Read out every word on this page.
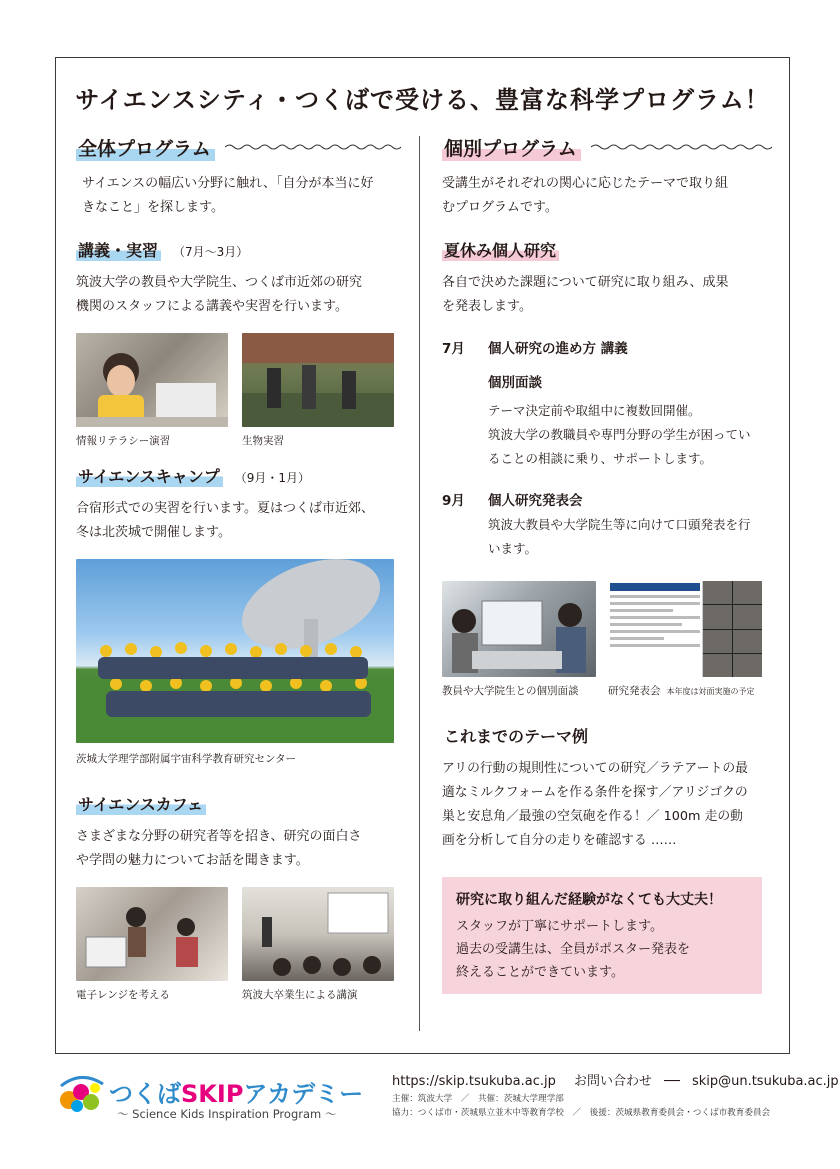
サイエンスシティ・つくばで受ける、豊富な科学プログラム！
全体プログラム
サイエンスの幅広い分野に触れ、「自分が本当に好
きなこと」を探します。
講義・実習 （7月〜3月）
筑波大学の教員や大学院生、つくば市近郊の研究
機関のスタッフによる講義や実習を行います。
情報リテラシー演習	生物実習
サイエンスキャンプ （9月・1月）
合宿形式での実習を行います。夏はつくば市近郊、
冬は北茨城で開催します。
茨城大学理学部附属宇宙科学教育研究センター
サイエンスカフェ
さまざまな分野の研究者等を招き、研究の面白さ
や学問の魅力についてお話を聞きます。
電子レンジを考える	筑波大卒業生による講演
個別プログラム
受講生がそれぞれの関心に応じたテーマで取り組
むプログラムです。
夏休み個人研究
各自で決めた課題について研究に取り組み、成果
を発表します。
7月	個人研究の進め方 講義
個別面談
テーマ決定前や取組中に複数回開催。
筑波大学の教職員や専門分野の学生が困ってい
ることの相談に乗り、サポートします。
9月	個人研究発表会
筑波大教員や大学院生等に向けて口頭発表を行
います。
教員や大学院生との個別面談	研究発表会 本年度は対面実施の予定
これまでのテーマ例
アリの行動の規則性についての研究／ラテアートの最
適なミルクフォームを作る条件を探す／アリジゴクの
巣と安息角／最強の空気砲を作る！／ 100m 走の動
画を分析して自分の走りを確認する ……
研究に取り組んだ経験がなくても大丈夫！
スタッフが丁寧にサポートします。
過去の受講生は、全員がポスター発表を
終えることができています。
つくばSKIPアカデミー
〜 Science Kids Inspiration Program 〜
https://skip.tsukuba.ac.jp お問い合わせ ── skip@un.tsukuba.ac.jp
主催：筑波大学　／　共催：茨城大学理学部
協力：つくば市・茨城県立並木中等教育学校　／　後援：茨城県教育委員会・つくば市教育委員会
